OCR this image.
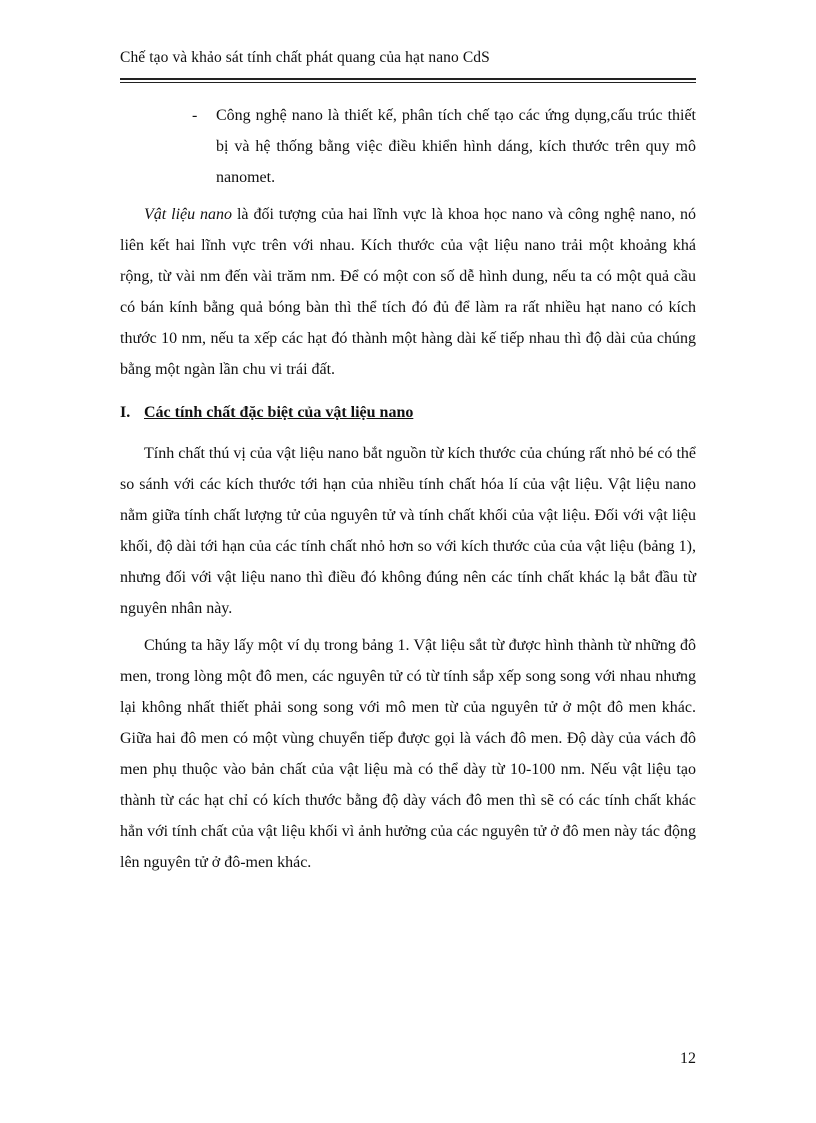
Chế tạo và khảo sát tính chất phát quang của hạt nano CdS
- Công nghệ nano là thiết kế, phân tích chế tạo các ứng dụng,cấu trúc thiết bị và hệ thống bằng việc điều khiển hình dáng, kích thước trên quy mô nanomet.

Vật liệu nano là đối tượng của hai lĩnh vực là khoa học nano và công nghệ nano, nó liên kết hai lĩnh vực trên với nhau. Kích thước của vật liệu nano trải một khoảng khá rộng, từ vài nm đến vài trăm nm. Để có một con số dễ hình dung, nếu ta có một quả cầu có bán kính bằng quả bóng bàn thì thể tích đó đủ để làm ra rất nhiều hạt nano có kích thước 10 nm, nếu ta xếp các hạt đó thành một hàng dài kế tiếp nhau thì độ dài của chúng bằng một ngàn lần chu vi trái đất.

I. Các tính chất đặc biệt của vật liệu nano

Tính chất thú vị của vật liệu nano bắt nguồn từ kích thước của chúng rất nhỏ bé có thể so sánh với các kích thước tới hạn của nhiều tính chất hóa lí của vật liệu. Vật liệu nano nằm giữa tính chất lượng tử của nguyên tử và tính chất khối của vật liệu. Đối với vật liệu khối, độ dài tới hạn của các tính chất nhỏ hơn so với kích thước của của vật liệu (bảng 1), nhưng đối với vật liệu nano thì điều đó không đúng nên các tính chất khác lạ bắt đầu từ nguyên nhân này.

Chúng ta hãy lấy một ví dụ trong bảng 1. Vật liệu sắt từ được hình thành từ những đô men, trong lòng một đô men, các nguyên tử có từ tính sắp xếp song song với nhau nhưng lại không nhất thiết phải song song với mô men từ của nguyên tử ở một đô men khác. Giữa hai đô men có một vùng chuyển tiếp được gọi là vách đô men. Độ dày của vách đô men phụ thuộc vào bản chất của vật liệu mà có thể dày từ 10-100 nm. Nếu vật liệu tạo thành từ các hạt chỉ có kích thước bằng độ dày vách đô men thì sẽ có các tính chất khác hẳn với tính chất của vật liệu khối vì ảnh hưởng của các nguyên tử ở đô men này tác động lên nguyên tử ở đô-men khác.

12
